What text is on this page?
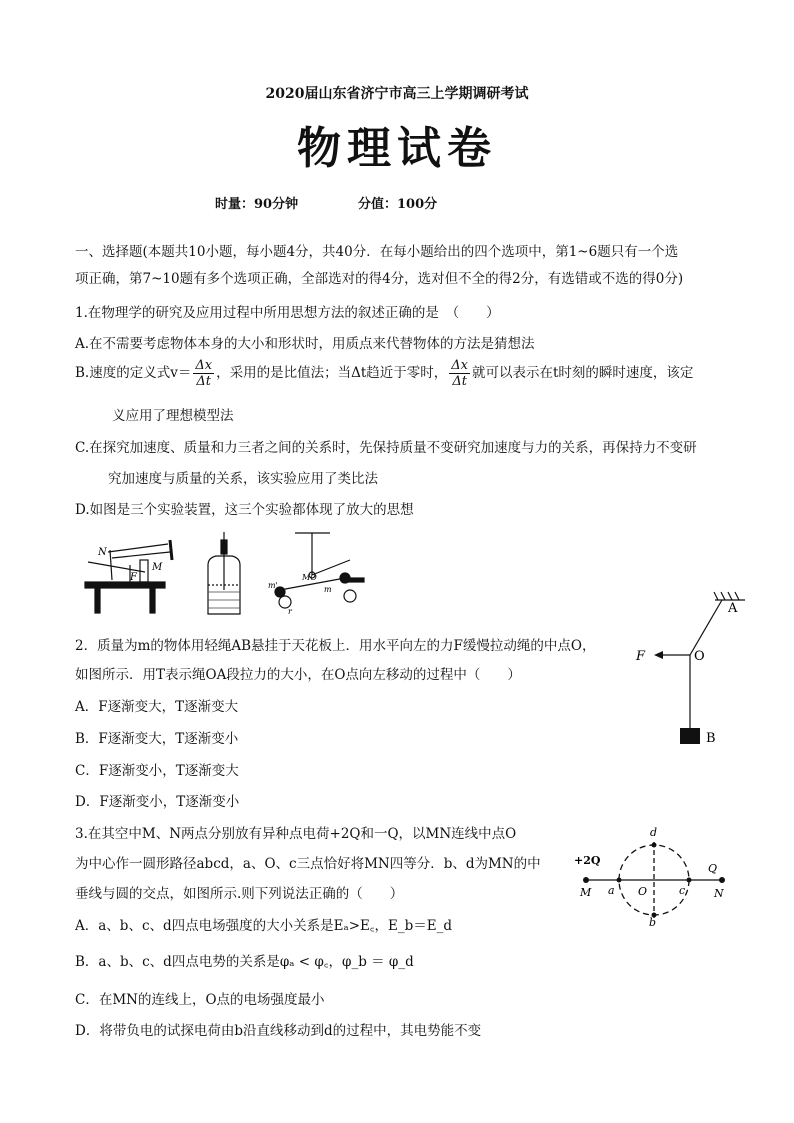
2020届山东省济宁市高三上学期调研考试
物理试卷
时量：90分钟	分值：100分
一、选择题(本题共10小题，每小题4分，共40分．在每小题给出的四个选项中，第1~6题只有一个选
项正确，第7~10题有多个选项正确，全部选对的得4分，选对但不全的得2分，有选错或不选的得0分)
1.在物理学的研究及应用过程中所用思想方法的叙述正确的是　（　　）
A.在不需要考虑物体本身的大小和形状时，用质点来代替物体的方法是猜想法
B.速度的定义式$v= \frac{\Delta x}{\Delta t}$ ，采用的是比值法；当Δt趋近于零时， $\frac{\Delta x}{\Delta t}$ 就可以表示在t时刻的瞬时速度，该定
义应用了理想模型法
C.在探究加速度、质量和力三者之间的关系时，先保持质量不变研究加速度与力的关系，再保持力不变研
究加速度与质量的关系，该实验应用了类比法
D.如图是三个实验装置，这三个实验都体现了放大的思想
N
M
F	MO
m'	m
r
2．质量为m的物体用轻绳AB悬挂于天花板上．用水平向左的力F缓慢拉动绳的中点O，
如图所示．用T表示绳OA段拉力的大小，在O点向左移动的过程中（　　）
A．F逐渐变大，T逐渐变大
B．F逐渐变大，T逐渐变小
C．F逐渐变小，T逐渐变大
D．F逐渐变小，T逐渐变小
A
F	O
B
3.在其空中M、N两点分别放有异种点电荷+2Q和一Q，以MN连线中点O
为中心作一圆形路径abcd，a、O、c三点恰好将MN四等分．b、d为MN的中
垂线与圆的交点，如图所示.则下列说法正确的（　　）
A．a、b、c、d四点电场强度的大小关系是Eₐ>E꜀，E_b＝E_d
B．a、b、c、d四点电势的关系是φₐ < φ꜀，φ_b ＝ φ_d
C．在MN的连线上，O点的电场强度最小
D．将带负电的试探电荷由b沿直线移动到d的过程中，其电势能不变
+2Q
Q
M	N
a O	c
d
b
